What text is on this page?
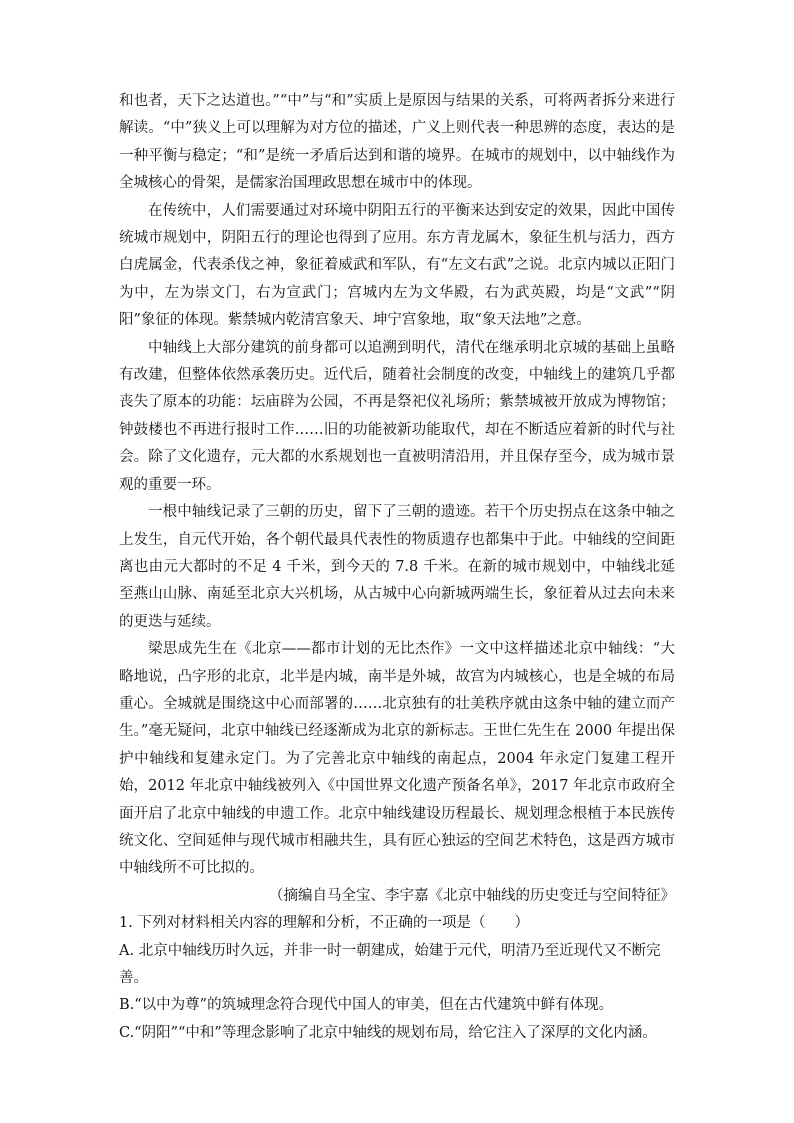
和也者，天下之达道也。”“中”与“和”实质上是原因与结果的关系，可将两者拆分来进行解读。“中”狭义上可以理解为对方位的描述，广义上则代表一种思辨的态度，表达的是一种平衡与稳定；“和”是统一矛盾后达到和谐的境界。在城市的规划中，以中轴线作为全城核心的骨架，是儒家治国理政思想在城市中的体现。

在传统中，人们需要通过对环境中阴阳五行的平衡来达到安定的效果，因此中国传统城市规划中，阴阳五行的理论也得到了应用。东方青龙属木，象征生机与活力，西方白虎属金，代表杀伐之神，象征着威武和军队，有“左文右武”之说。北京内城以正阳门为中，左为崇文门，右为宣武门；宫城内左为文华殿，右为武英殿，均是“文武”“阴阳”象征的体现。紫禁城内乾清宫象天、坤宁宫象地，取“象天法地”之意。

中轴线上大部分建筑的前身都可以追溯到明代，清代在继承明北京城的基础上虽略有改建，但整体依然承袭历史。近代后，随着社会制度的改变，中轴线上的建筑几乎都丧失了原本的功能：坛庙辟为公园，不再是祭祀仪礼场所；紫禁城被开放成为博物馆；钟鼓楼也不再进行报时工作……旧的功能被新功能取代，却在不断适应着新的时代与社会。除了文化遗存，元大都的水系规划也一直被明清沿用，并且保存至今，成为城市景观的重要一环。

一根中轴线记录了三朝的历史，留下了三朝的遗迹。若干个历史拐点在这条中轴之上发生，自元代开始，各个朝代最具代表性的物质遗存也都集中于此。中轴线的空间距离也由元大都时的不足 4 千米，到今天的 7.8 千米。在新的城市规划中，中轴线北延至燕山山脉、南延至北京大兴机场，从古城中心向新城两端生长，象征着从过去向未来的更迭与延续。

梁思成先生在《北京——都市计划的无比杰作》一文中这样描述北京中轴线：“大略地说，凸字形的北京，北半是内城，南半是外城，故宫为内城核心，也是全城的布局重心。全城就是围绕这中心而部署的……北京独有的壮美秩序就由这条中轴的建立而产生。”毫无疑问，北京中轴线已经逐渐成为北京的新标志。王世仁先生在 2000 年提出保护中轴线和复建永定门。为了完善北京中轴线的南起点，2004 年永定门复建工程开始，2012 年北京中轴线被列入《中国世界文化遗产预备名单》，2017 年北京市政府全面开启了北京中轴线的申遗工作。北京中轴线建设历程最长、规划理念根植于本民族传统文化、空间延伸与现代城市相融共生，具有匠心独运的空间艺术特色，这是西方城市中轴线所不可比拟的。

（摘编自马全宝、李宇嘉《北京中轴线的历史变迁与空间特征》

1. 下列对材料相关内容的理解和分析，不正确的一项是（　　）

A. 北京中轴线历时久远，并非一时一朝建成，始建于元代，明清乃至近现代又不断完善。

B.“以中为尊”的筑城理念符合现代中国人的审美，但在古代建筑中鲜有体现。

C.“阴阳”“中和”等理念影响了北京中轴线的规划布局，给它注入了深厚的文化内涵。
